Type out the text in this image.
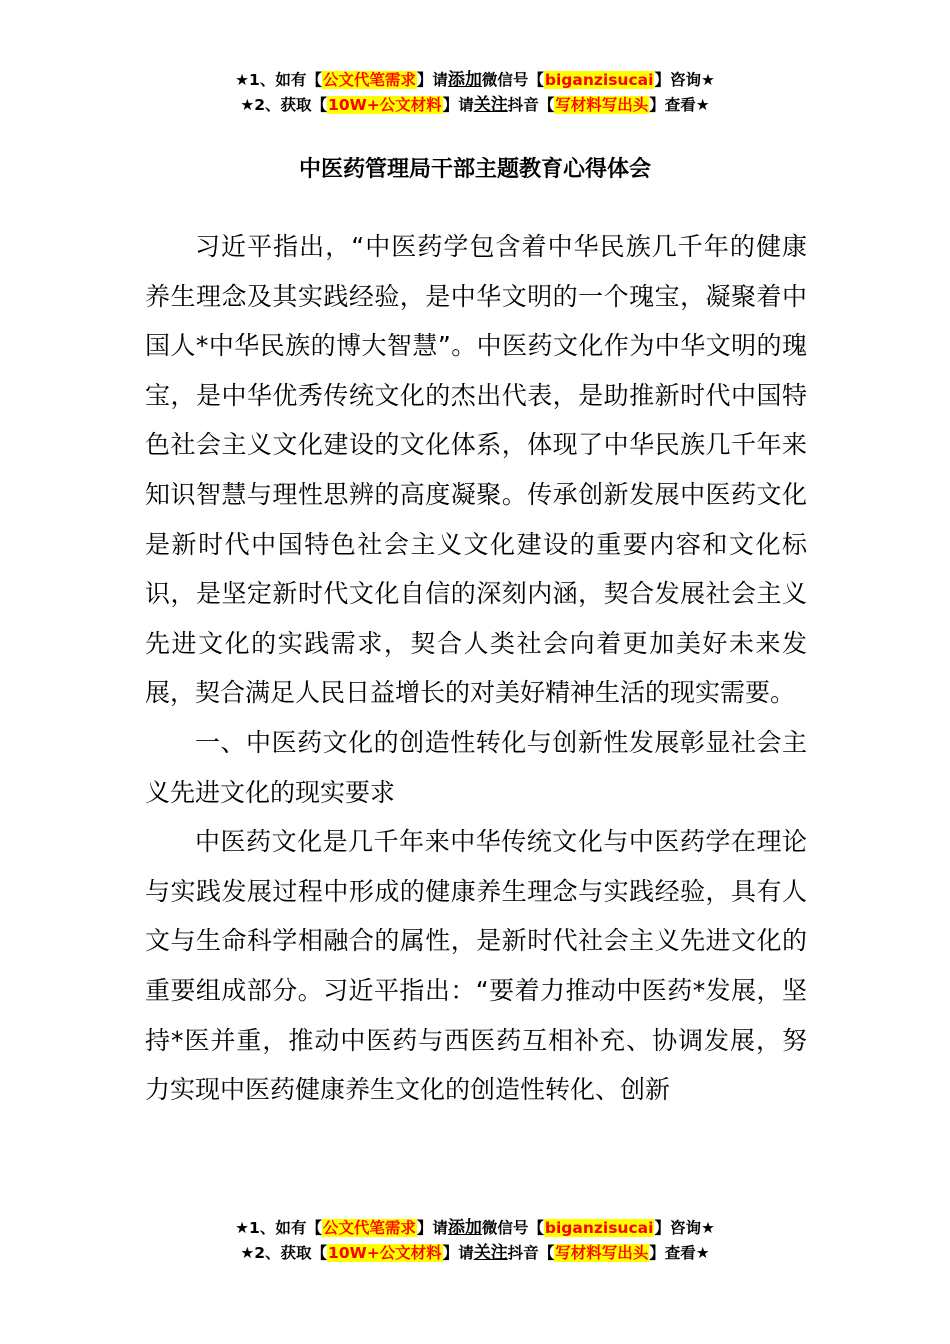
★1、如有【公文代笔需求】请添加微信号【biganzisucai】咨询★
★2、获取【10W+公文材料】请关注抖音【写材料写出头】查看★
中医药管理局干部主题教育心得体会

习近平指出，“中医药学包含着中华民族几千年的健康养生理念及其实践经验，是中华文明的一个瑰宝，凝聚着中国人*中华民族的博大智慧”。中医药文化作为中华文明的瑰宝，是中华优秀传统文化的杰出代表，是助推新时代中国特色社会主义文化建设的文化体系，体现了中华民族几千年来知识智慧与理性思辨的高度凝聚。传承创新发展中医药文化是新时代中国特色社会主义文化建设的重要内容和文化标识，是坚定新时代文化自信的深刻内涵，契合发展社会主义先进文化的实践需求，契合人类社会向着更加美好未来发展，契合满足人民日益增长的对美好精神生活的现实需要。

一、中医药文化的创造性转化与创新性发展彰显社会主义先进文化的现实要求

中医药文化是几千年来中华传统文化与中医药学在理论与实践发展过程中形成的健康养生理念与实践经验，具有人文与生命科学相融合的属性，是新时代社会主义先进文化的重要组成部分。习近平指出：“要着力推动中医药*发展，坚持*医并重，推动中医药与西医药互相补充、协调发展，努力实现中医药健康养生文化的创造性转化、创新

★1、如有【公文代笔需求】请添加微信号【biganzisucai】咨询★
★2、获取【10W+公文材料】请关注抖音【写材料写出头】查看★
